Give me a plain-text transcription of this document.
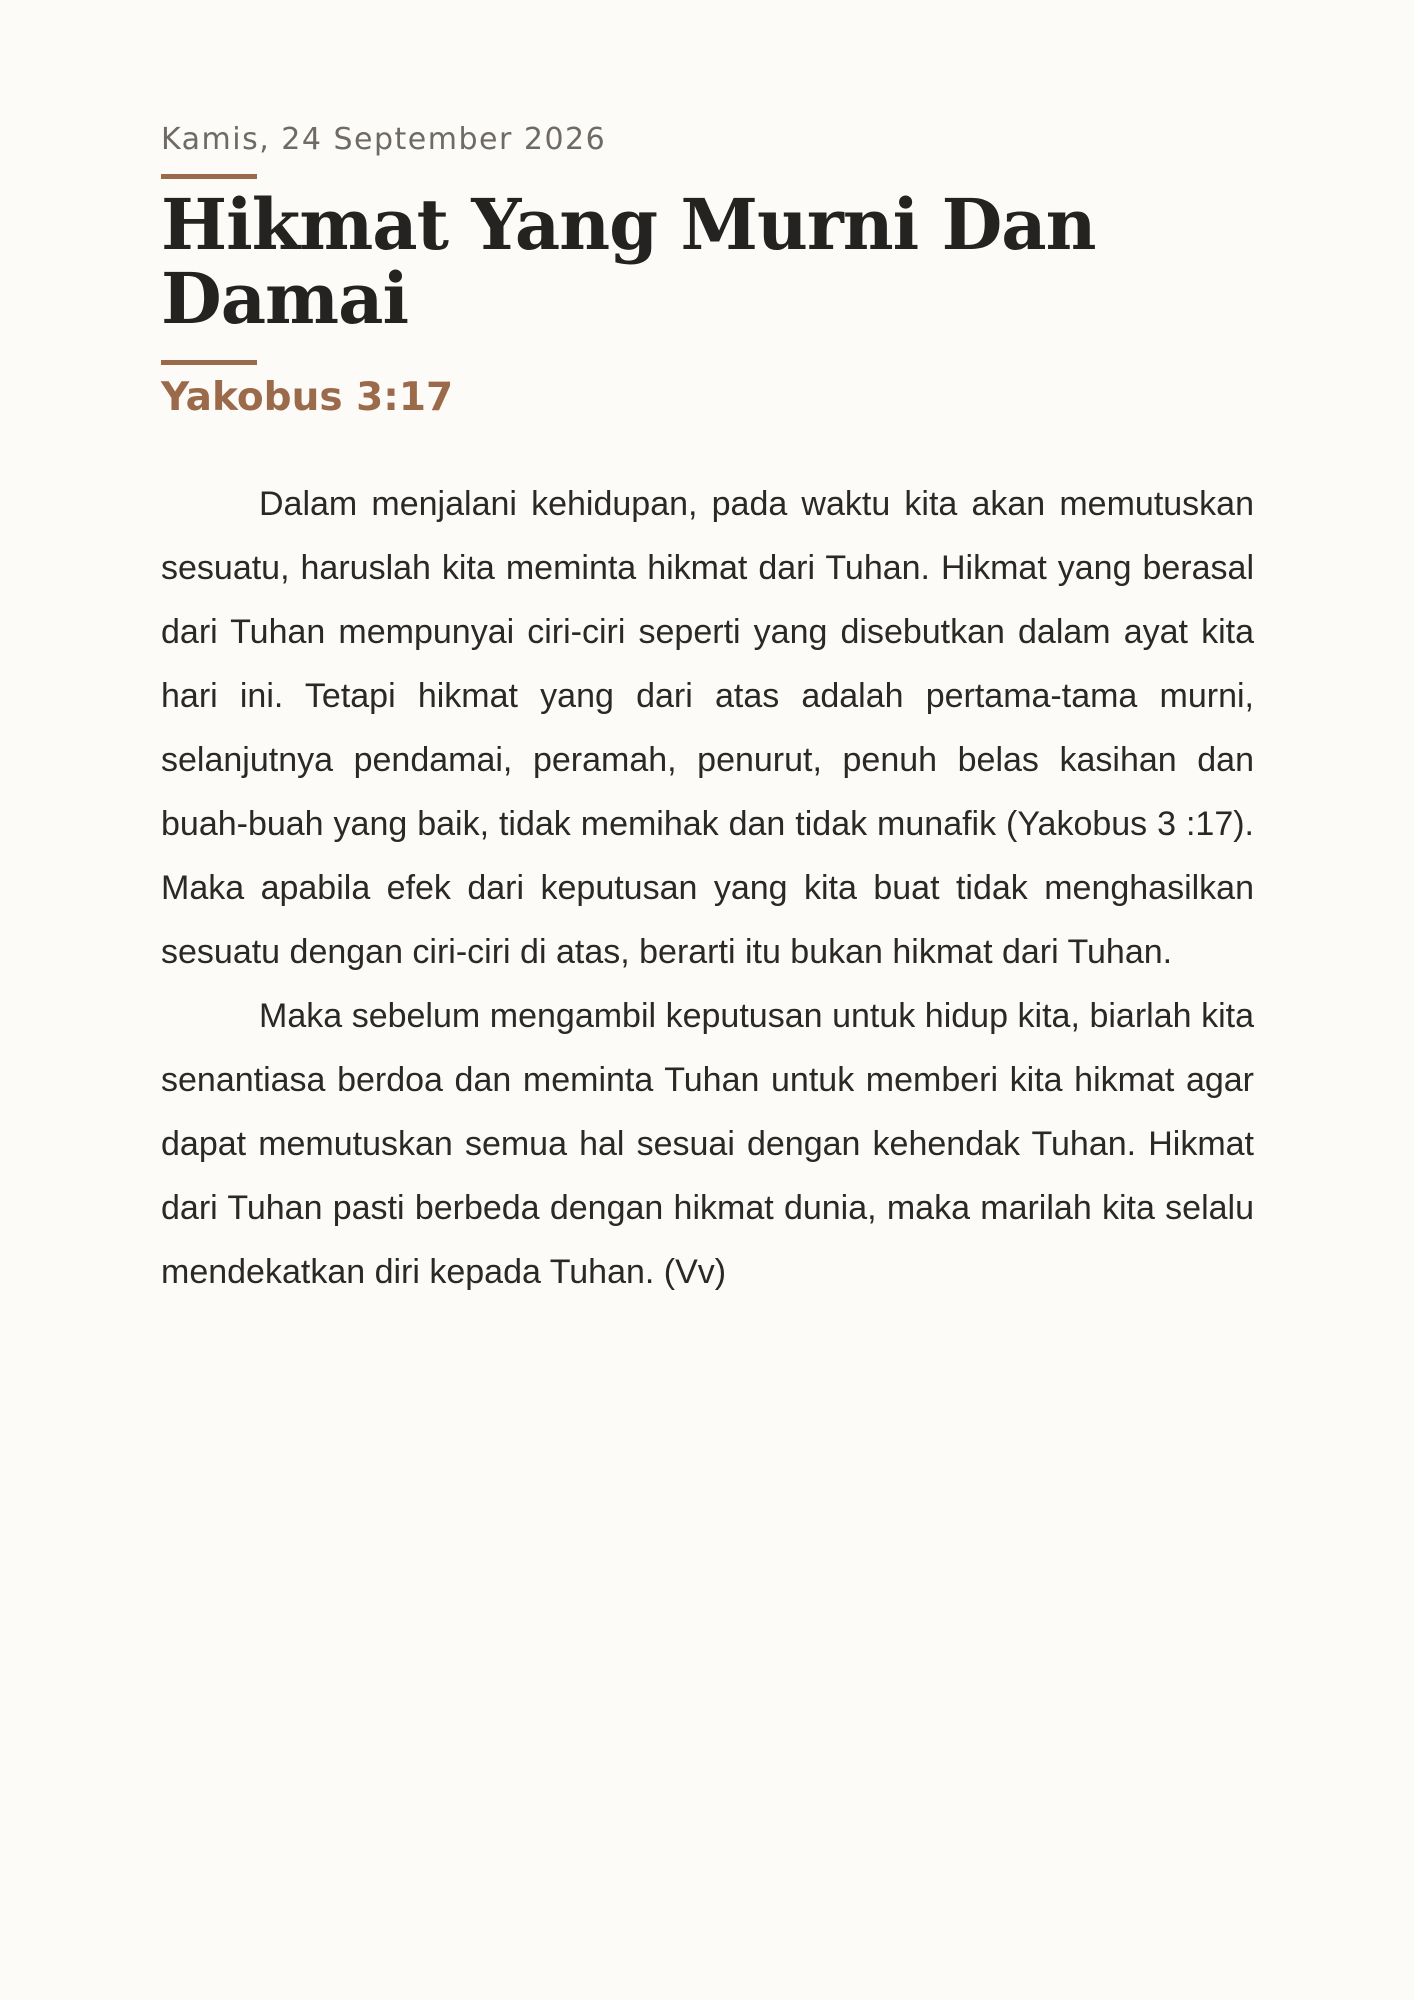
Kamis, 24 September 2026
Hikmat Yang Murni Dan Damai
Yakobus 3:17

Dalam menjalani kehidupan, pada waktu kita akan memutuskan sesuatu, haruslah kita meminta hikmat dari Tuhan. Hikmat yang berasal dari Tuhan mempunyai ciri-ciri seperti yang disebutkan dalam ayat kita hari ini. Tetapi hikmat yang dari atas adalah pertama-tama murni, selanjutnya pendamai, peramah, penurut, penuh belas kasihan dan buah-buah yang baik, tidak memihak dan tidak munafik (Yakobus 3 :17). Maka apabila efek dari keputusan yang kita buat tidak menghasilkan sesuatu dengan ciri-ciri di atas, berarti itu bukan hikmat dari Tuhan.

Maka sebelum mengambil keputusan untuk hidup kita, biarlah kita senantiasa berdoa dan meminta Tuhan untuk memberi kita hikmat agar dapat memutuskan semua hal sesuai dengan kehendak Tuhan. Hikmat dari Tuhan pasti berbeda dengan hikmat dunia, maka marilah kita selalu mendekatkan diri kepada Tuhan. (Vv)
